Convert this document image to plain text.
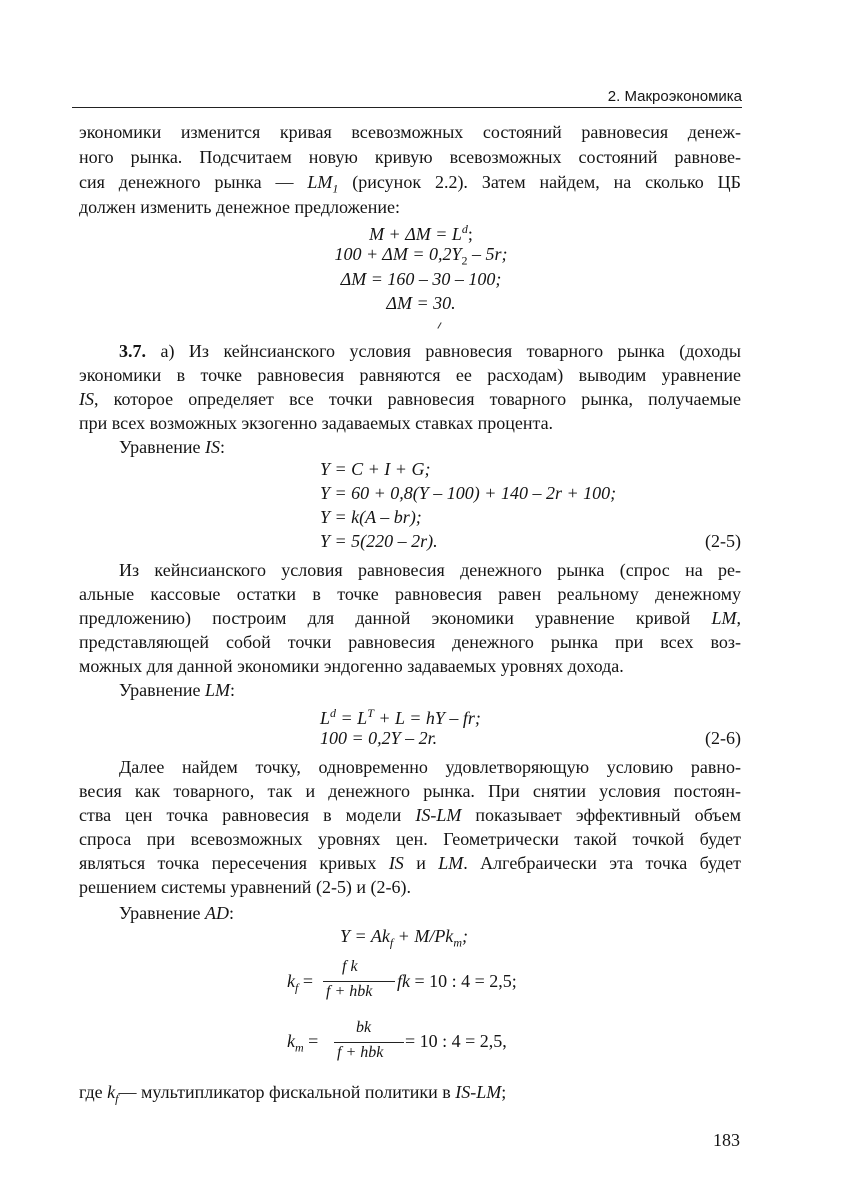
2. Макроэкономика
экономики изменится кривая всевозможных состояний равновесия денеж-
ного рынка. Подсчитаем новую кривую всевозможных состояний равнове-
сия денежного рынка — $LM_1$ (рисунок 2.2). Затем найдем, на сколько ЦБ
должен изменить денежное предложение:
$M + \Delta M = L^d$;
$100 + \Delta M = 0,2Y_2 - 5r$;
ΔM = 160 – 30 – 100;
ΔM = 30.
3.7. а) Из кейнсианского условия равновесия товарного рынка (доходы
экономики в точке равновесия равняются ее расходам) выводим уравнение
IS, которое определяет все точки равновесия товарного рынка, получаемые
при всех возможных экзогенно задаваемых ставках процента.
Уравнение IS:
Y = C + I + G;
Y = 60 + 0,8(Y – 100) + 140 – 2r + 100;
Y = k(A – br);
Y = 5(220 – 2r).	(2-5)
Из кейнсианского условия равновесия денежного рынка (спрос на ре-
альные кассовые остатки в точке равновесия равен реальному денежному
предложению) построим для данной экономики уравнение кривой LM,
представляющей собой точки равновесия денежного рынка при всех воз-
можных для данной экономики эндогенно задаваемых уровнях дохода.
Уравнение LM:
$L^d = L^T + L$ = hY – fr;
100 = 0,2Y – 2r.	(2-6)
Далее найдем точку, одновременно удовлетворяющую условию равно-
весия как товарного, так и денежного рынка. При снятии условия постоян-
ства цен точка равновесия в модели IS-LM показывает эффективный объем
спроса при всевозможных уровнях цен. Геометрически такой точкой будет
являться точка пересечения кривых IS и LM. Алгебраически эта точка будет
решением системы уравнений (2-5) и (2-6).
Уравнение AD:
$Y = Ak_f + M/Pk_m$;
$k_f$ =
f k
f + hbk
fk = 10 : 4 = 2,5;
$k_m$ =
bk
f + hbk
= 10 : 4 = 2,5,
где $k_f—$ мультипликатор фискальной политики в IS-LM;
183
